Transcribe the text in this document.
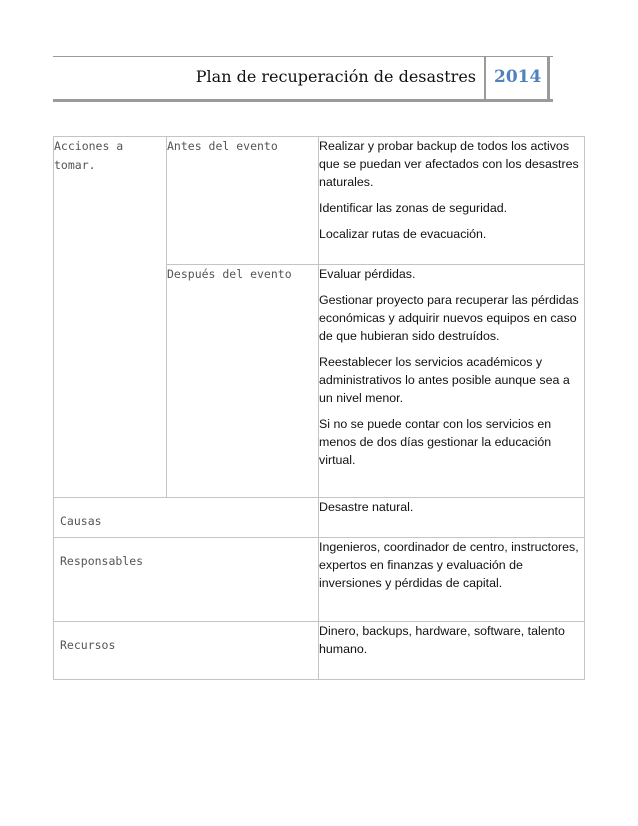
Plan de recuperación de desastres	2014
Acciones a tomar.	Antes del evento	Realizar y probar backup de todos los activos que se puedan ver afectados con los desastres naturales.

Identificar las zonas de seguridad.

Localizar rutas de evacuación.

	Después del evento	Evaluar pérdidas.

Gestionar proyecto para recuperar las pérdidas económicas y adquirir nuevos equipos en caso de que hubieran sido destruídos.

Reestablecer los servicios académicos y administrativos lo antes posible aunque sea a un nivel menor.

Si no se puede contar con los servicios en menos de dos días gestionar la educación virtual.

Causas		Desastre natural.
Responsables		Ingenieros, coordinador de centro, instructores, expertos en finanzas y evaluación de inversiones y pérdidas de capital.
Recursos		Dinero, backups, hardware, software, talento humano.
